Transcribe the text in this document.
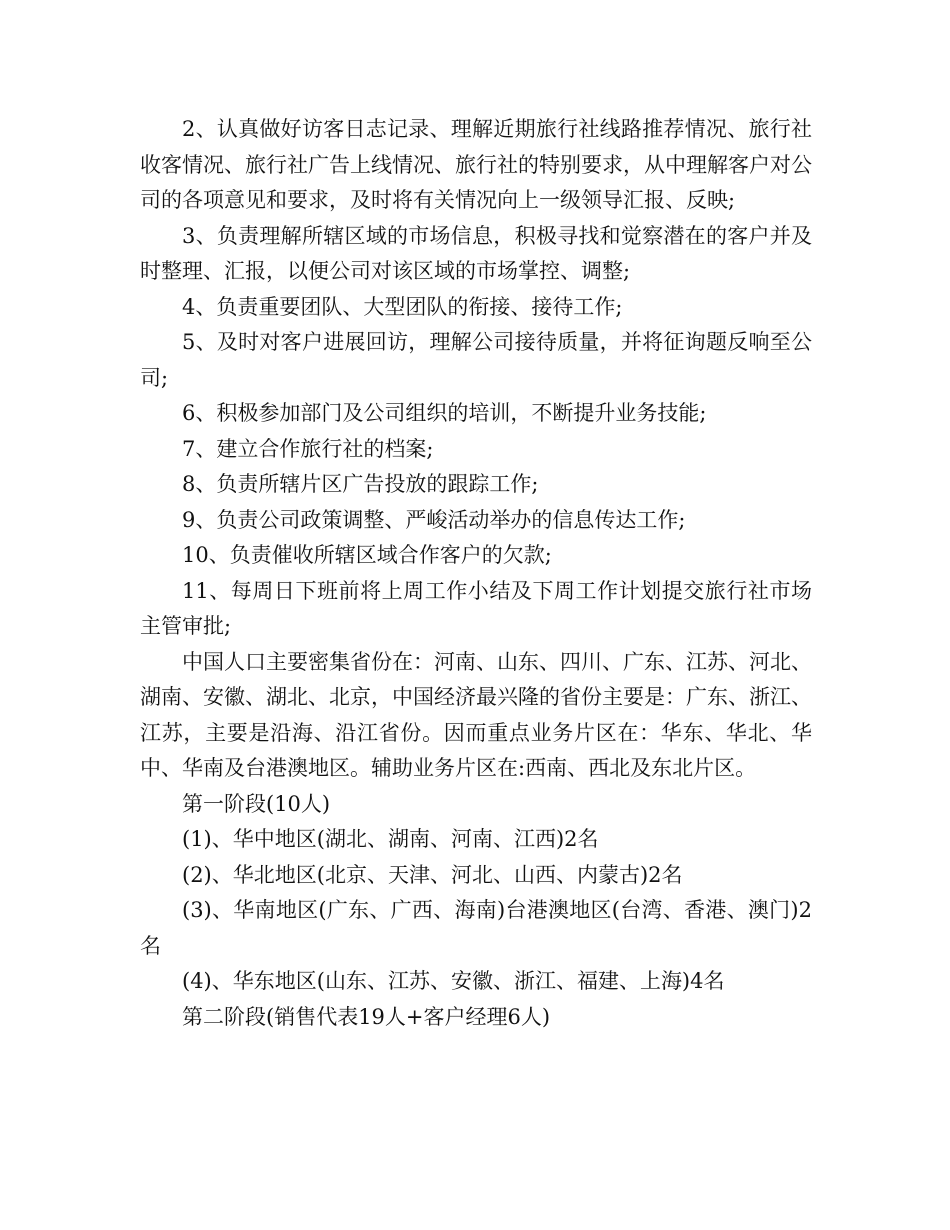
2、认真做好访客日志记录、理解近期旅行社线路推荐情况、旅行社收客情况、旅行社广告上线情况、旅行社的特别要求，从中理解客户对公司的各项意见和要求，及时将有关情况向上一级领导汇报、反映;

3、负责理解所辖区域的市场信息，积极寻找和觉察潜在的客户并及时整理、汇报，以便公司对该区域的市场掌控、调整;

4、负责重要团队、大型团队的衔接、接待工作;

5、及时对客户进展回访，理解公司接待质量，并将征询题反响至公司;

6、积极参加部门及公司组织的培训，不断提升业务技能;

7、建立合作旅行社的档案;

8、负责所辖片区广告投放的跟踪工作;

9、负责公司政策调整、严峻活动举办的信息传达工作;

10、负责催收所辖区域合作客户的欠款;

11、每周日下班前将上周工作小结及下周工作计划提交旅行社市场主管审批;

中国人口主要密集省份在：河南、山东、四川、广东、江苏、河北、湖南、安徽、湖北、北京，中国经济最兴隆的省份主要是：广东、浙江、江苏，主要是沿海、沿江省份。因而重点业务片区在：华东、华北、华中、华南及台港澳地区。辅助业务片区在:西南、西北及东北片区。

第一阶段(10人)

(1)、华中地区(湖北、湖南、河南、江西)2名

(2)、华北地区(北京、天津、河北、山西、内蒙古)2名

(3)、华南地区(广东、广西、海南)台港澳地区(台湾、香港、澳门)2名

(4)、华东地区(山东、江苏、安徽、浙江、福建、上海)4名

第二阶段(销售代表19人+客户经理6人)
